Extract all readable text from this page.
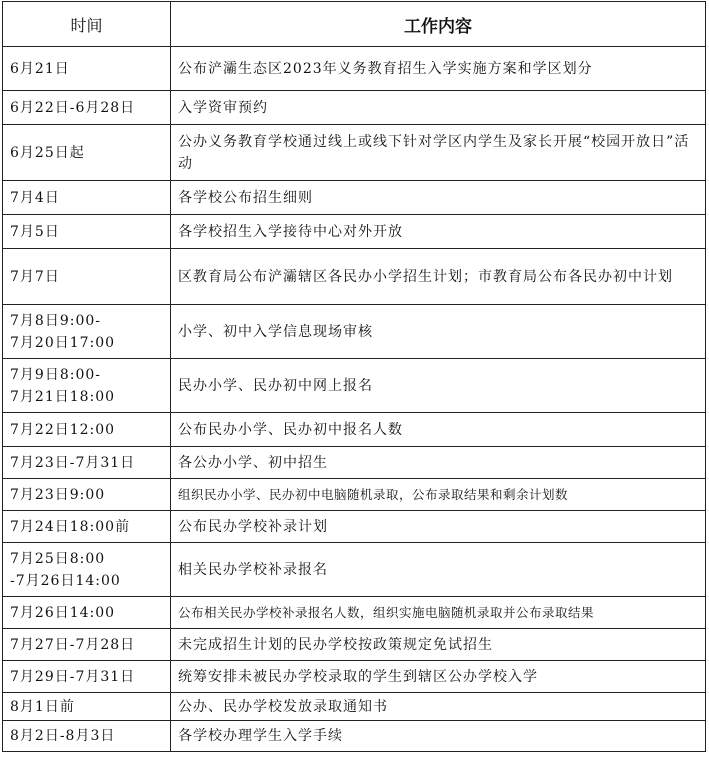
时间	工作内容
6月21日	公布浐灞生态区2023年义务教育招生入学实施方案和学区划分
6月22日-6月28日	入学资审预约
6月25日起	公办义务教育学校通过线上或线下针对学区内学生及家长开展“校园开放日”活动
7月4日	各学校公布招生细则
7月5日	各学校招生入学接待中心对外开放
7月7日	区教育局公布浐灞辖区各民办小学招生计划；市教育局公布各民办初中计划
7月8日9:00-
7月20日17:00	小学、初中入学信息现场审核
7月9日8:00-
7月21日18:00	民办小学、民办初中网上报名
7月22日12:00	公布民办小学、民办初中报名人数
7月23日-7月31日	各公办小学、初中招生
7月23日9:00	组织民办小学、民办初中电脑随机录取，公布录取结果和剩余计划数
7月24日18:00前	公布民办学校补录计划
7月25日8:00
-7月26日14:00	相关民办学校补录报名
7月26日14:00	公布相关民办学校补录报名人数，组织实施电脑随机录取并公布录取结果
7月27日-7月28日	未完成招生计划的民办学校按政策规定免试招生
7月29日-7月31日	统筹安排未被民办学校录取的学生到辖区公办学校入学
8月1日前	公办、民办学校发放录取通知书
8月2日-8月3日	各学校办理学生入学手续
